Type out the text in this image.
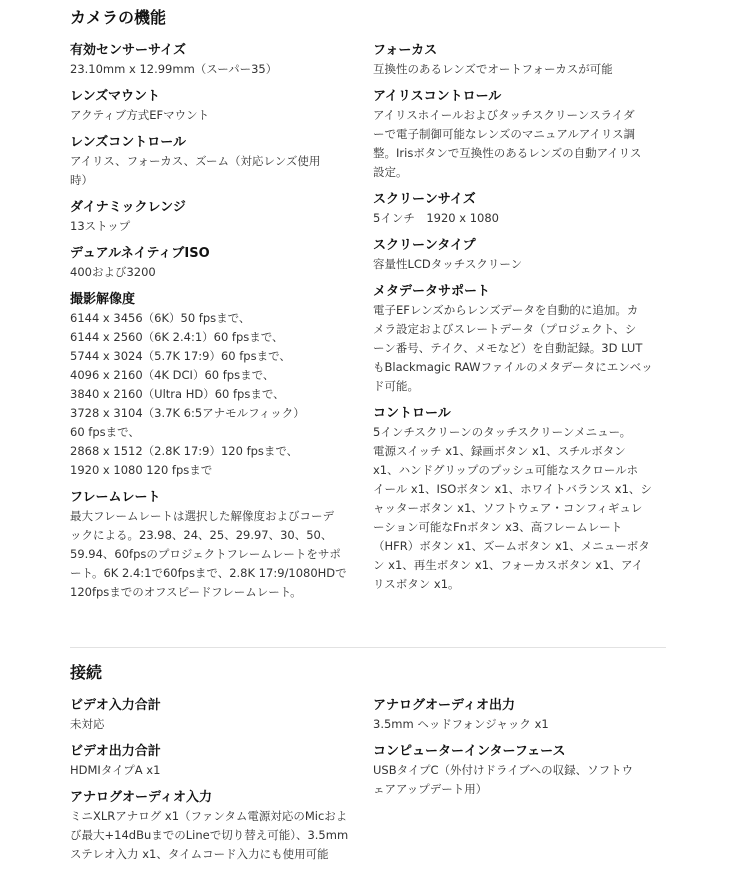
カメラの機能
有効センサーサイズ
23.10mm x 12.99mm（スーパー35）
レンズマウント
アクティブ方式EFマウント
レンズコントロール
アイリス、フォーカス、ズーム（対応レンズ使用
時）
ダイナミックレンジ
13ストップ
デュアルネイティブISO
400および3200
撮影解像度
6144 x 3456（6K）50 fpsまで、
6144 x 2560（6K 2.4:1）60 fpsまで、
5744 x 3024（5.7K 17:9）60 fpsまで、
4096 x 2160（4K DCI）60 fpsまで、
3840 x 2160（Ultra HD）60 fpsまで、
3728 x 3104（3.7K 6:5アナモルフィック）
60 fpsまで、
2868 x 1512（2.8K 17:9）120 fpsまで、
1920 x 1080 120 fpsまで
フレームレート
最大フレームレートは選択した解像度およびコーデ
ックによる。23.98、24、25、29.97、30、50、
59.94、60fpsのプロジェクトフレームレートをサポ
ート。6K 2.4:1で60fpsまで、2.8K 17:9/1080HDで
120fpsまでのオフスピードフレームレート。
フォーカス
互換性のあるレンズでオートフォーカスが可能
アイリスコントロール
アイリスホイールおよびタッチスクリーンスライダ
ーで電子制御可能なレンズのマニュアルアイリス調
整。Irisボタンで互換性のあるレンズの自動アイリス
設定。
スクリーンサイズ
5インチ　1920 x 1080
スクリーンタイプ
容量性LCDタッチスクリーン
メタデータサポート
電子EFレンズからレンズデータを自動的に追加。カ
メラ設定およびスレートデータ（プロジェクト、シ
ーン番号、テイク、メモなど）を自動記録。3D LUT
もBlackmagic RAWファイルのメタデータにエンベッ
ド可能。
コントロール
5インチスクリーンのタッチスクリーンメニュー。
電源スイッチ x1、録画ボタン x1、スチルボタン
x1、ハンドグリップのプッシュ可能なスクロールホ
イール x1、ISOボタン x1、ホワイトバランス x1、シ
ャッターボタン x1、ソフトウェア・コンフィギュレ
ーション可能なFnボタン x3、高フレームレート
（HFR）ボタン x1、ズームボタン x1、メニューボタ
ン x1、再生ボタン x1、フォーカスボタン x1、アイ
リスボタン x1。
接続
ビデオ入力合計
未対応
ビデオ出力合計
HDMIタイプA x1
アナログオーディオ入力
ミニXLRアナログ x1（ファンタム電源対応のMicおよ
び最大+14dBuまでのLineで切り替え可能）、3.5mm
ステレオ入力 x1、タイムコード入力にも使用可能
アナログオーディオ出力
3.5mm ヘッドフォンジャック x1
コンピューターインターフェース
USBタイプC（外付けドライブへの収録、ソフトウ
ェアアップデート用）
